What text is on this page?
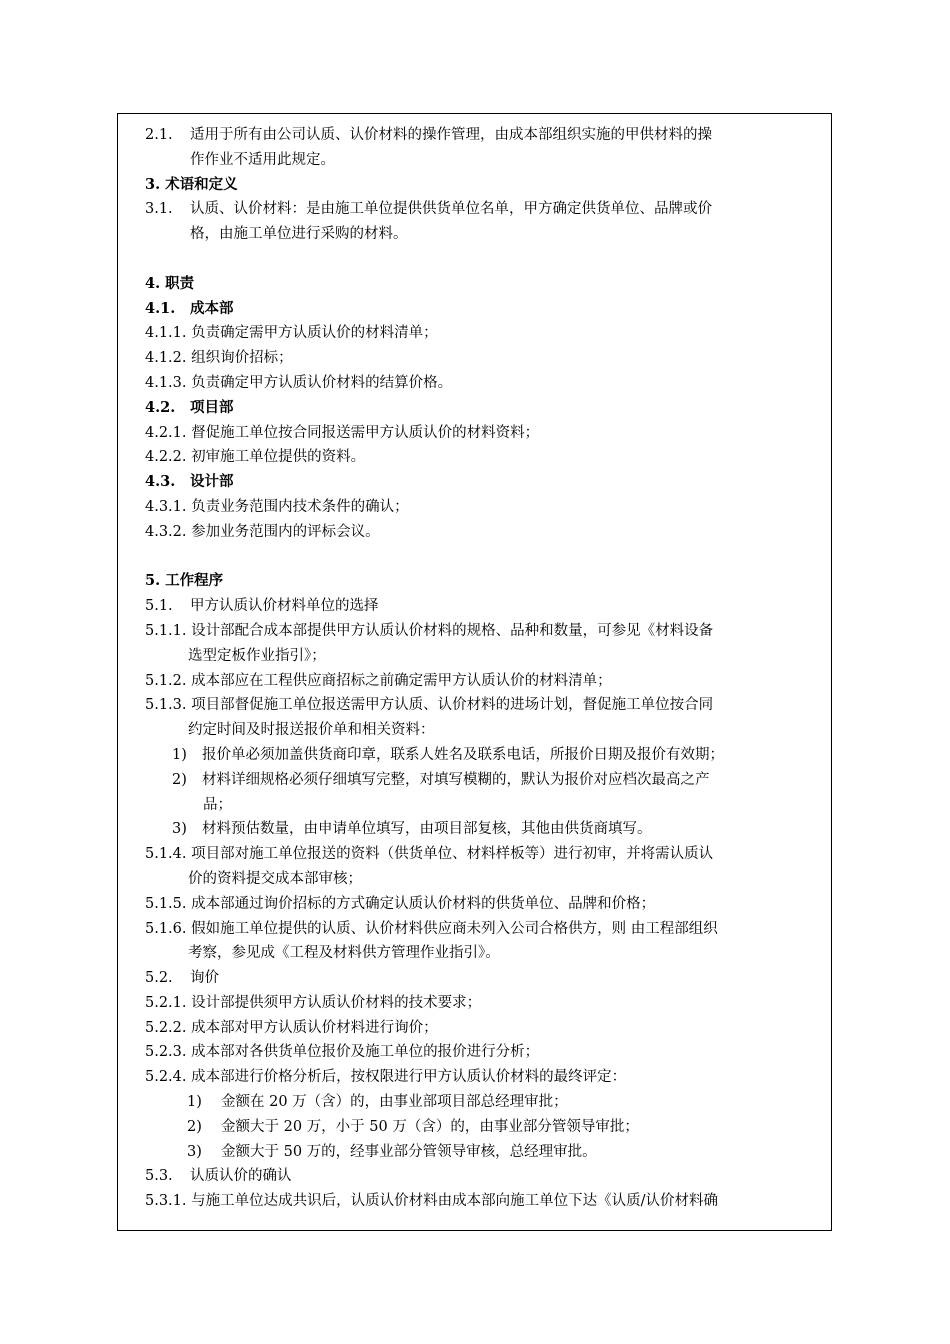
2.1. 适用于所有由公司认质、认价材料的操作管理，由成本部组织实施的甲供材料的操
作作业不适用此规定。
3. 术语和定义
3.1. 认质、认价材料：是由施工单位提供供货单位名单，甲方确定供货单位、品牌或价
格，由施工单位进行采购的材料。
4. 职责
4.1. 成本部
4.1.1. 负责确定需甲方认质认价的材料清单；
4.1.2. 组织询价招标；
4.1.3. 负责确定甲方认质认价材料的结算价格。
4.2. 项目部
4.2.1. 督促施工单位按合同报送需甲方认质认价的材料资料；
4.2.2. 初审施工单位提供的资料。
4.3. 设计部
4.3.1. 负责业务范围内技术条件的确认；
4.3.2. 参加业务范围内的评标会议。
5. 工作程序
5.1. 甲方认质认价材料单位的选择
5.1.1. 设计部配合成本部提供甲方认质认价材料的规格、品种和数量，可参见《材料设备
选型定板作业指引》；
5.1.2. 成本部应在工程供应商招标之前确定需甲方认质认价的材料清单；
5.1.3. 项目部督促施工单位报送需甲方认质、认价材料的进场计划，督促施工单位按合同
约定时间及时报送报价单和相关资料：
1) 报价单必须加盖供货商印章，联系人姓名及联系电话，所报价日期及报价有效期；
2) 材料详细规格必须仔细填写完整，对填写模糊的，默认为报价对应档次最高之产
品；
3) 材料预估数量，由申请单位填写，由项目部复核，其他由供货商填写。
5.1.4. 项目部对施工单位报送的资料（供货单位、材料样板等）进行初审，并将需认质认
价的资料提交成本部审核；
5.1.5. 成本部通过询价招标的方式确定认质认价材料的供货单位、品牌和价格；
5.1.6. 假如施工单位提供的认质、认价材料供应商未列入公司合格供方，则 由工程部组织
考察，参见成《工程及材料供方管理作业指引》。
5.2. 询价
5.2.1. 设计部提供须甲方认质认价材料的技术要求；
5.2.2. 成本部对甲方认质认价材料进行询价；
5.2.3. 成本部对各供货单位报价及施工单位的报价进行分析；
5.2.4. 成本部进行价格分析后，按权限进行甲方认质认价材料的最终评定：
1) 金额在 20 万（含）的，由事业部项目部总经理审批；
2) 金额大于 20 万，小于 50 万（含）的，由事业部分管领导审批；
3) 金额大于 50 万的，经事业部分管领导审核，总经理审批。
5.3. 认质认价的确认
5.3.1. 与施工单位达成共识后，认质认价材料由成本部向施工单位下达《认质/认价材料确
